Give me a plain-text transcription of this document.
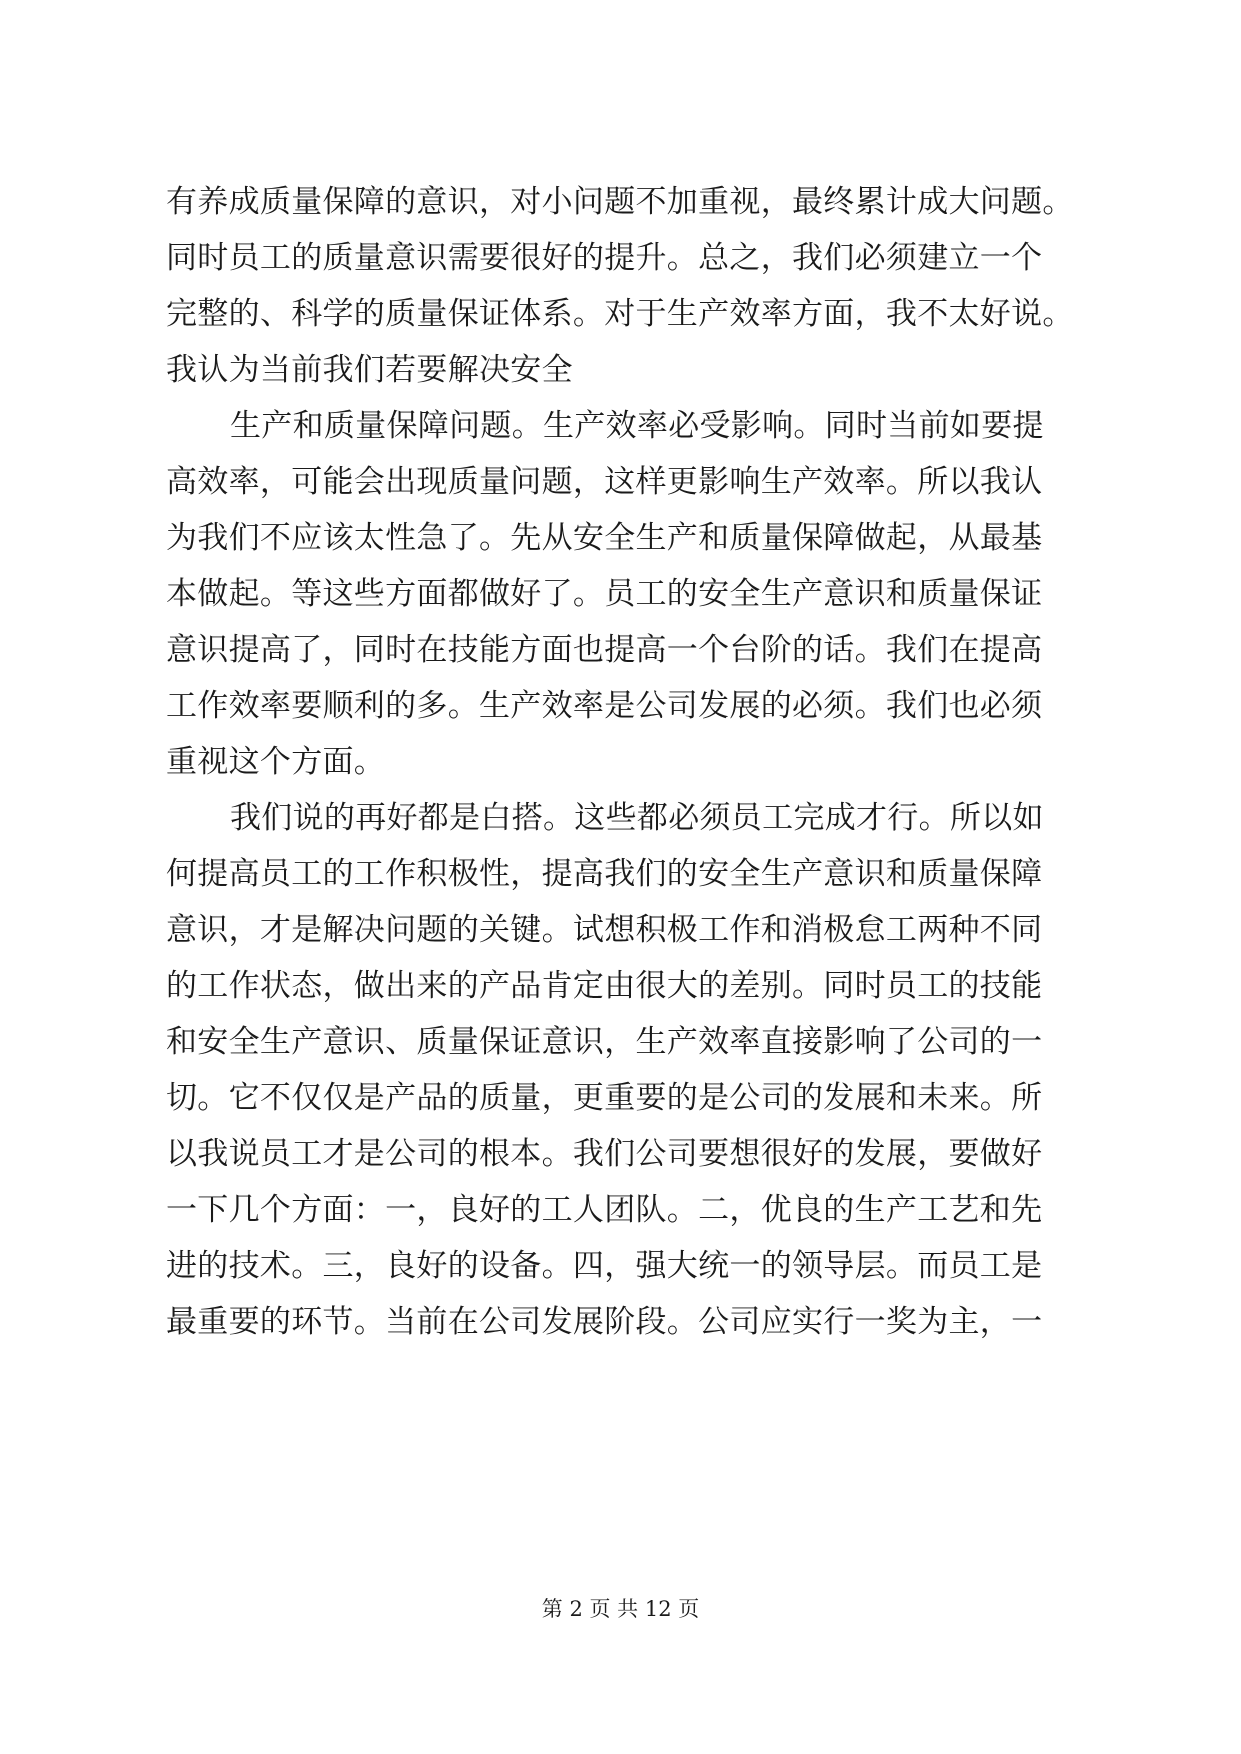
有养成质量保障的意识，对小问题不加重视，最终累计成大问题。
同时员工的质量意识需要很好的提升。总之，我们必须建立一个
完整的、科学的质量保证体系。对于生产效率方面，我不太好说。
我认为当前我们若要解决安全
生产和质量保障问题。生产效率必受影响。同时当前如要提
高效率，可能会出现质量问题，这样更影响生产效率。所以我认
为我们不应该太性急了。先从安全生产和质量保障做起，从最基
本做起。等这些方面都做好了。员工的安全生产意识和质量保证
意识提高了，同时在技能方面也提高一个台阶的话。我们在提高
工作效率要顺利的多。生产效率是公司发展的必须。我们也必须
重视这个方面。
我们说的再好都是白搭。这些都必须员工完成才行。所以如
何提高员工的工作积极性，提高我们的安全生产意识和质量保障
意识，才是解决问题的关键。试想积极工作和消极怠工两种不同
的工作状态，做出来的产品肯定由很大的差别。同时员工的技能
和安全生产意识、质量保证意识，生产效率直接影响了公司的一
切。它不仅仅是产品的质量，更重要的是公司的发展和未来。所
以我说员工才是公司的根本。我们公司要想很好的发展，要做好
一下几个方面：一，良好的工人团队。二，优良的生产工艺和先
进的技术。三，良好的设备。四，强大统一的领导层。而员工是
最重要的环节。当前在公司发展阶段。公司应实行一奖为主，一
第 2 页 共 12 页
